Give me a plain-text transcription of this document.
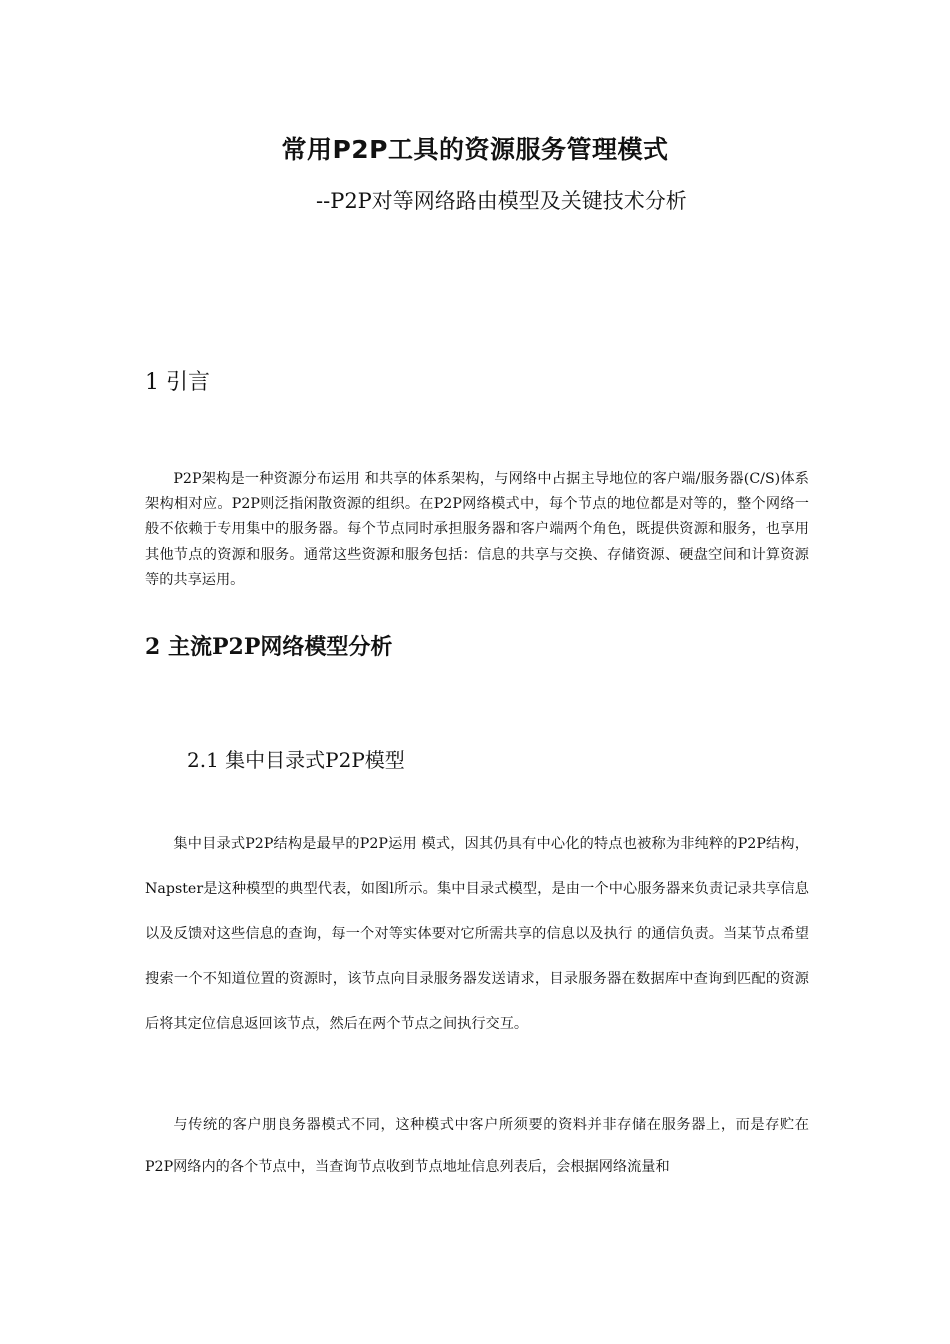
常用P2P工具的资源服务管理模式
--P2P对等网络路由模型及关键技术分析
1 引言
P2P架构是一种资源分布运用 和共享的体系架构，与网络中占据主导地位的客户端/服务器(C/S)体系架构相对应。P2P则泛指闲散资源的组织。在P2P网络模式中，每个节点的地位都是对等的，整个网络一般不依赖于专用集中的服务器。每个节点同时承担服务器和客户端两个角色，既提供资源和服务，也享用其他节点的资源和服务。通常这些资源和服务包括：信息的共享与交换、存储资源、硬盘空间和计算资源等的共享运用。
2 主流P2P网络模型分析
2.1 集中目录式P2P模型
集中目录式P2P结构是最早的P2P运用 模式，因其仍具有中心化的特点也被称为非纯粹的P2P结构，Napster是这种模型的典型代表，如图l所示。集中目录式模型，是由一个中心服务器来负责记录共享信息以及反馈对这些信息的查询，每一个对等实体要对它所需共享的信息以及执行 的通信负责。当某节点希望搜索一个不知道位置的资源时，该节点向目录服务器发送请求，目录服务器在数据库中查询到匹配的资源后将其定位信息返回该节点，然后在两个节点之间执行交互。
与传统的客户朋良务器模式不同，这种模式中客户所须要的资料并非存储在服务器上，而是存贮在P2P网络内的各个节点中，当查询节点收到节点地址信息列表后，会根据网络流量和
